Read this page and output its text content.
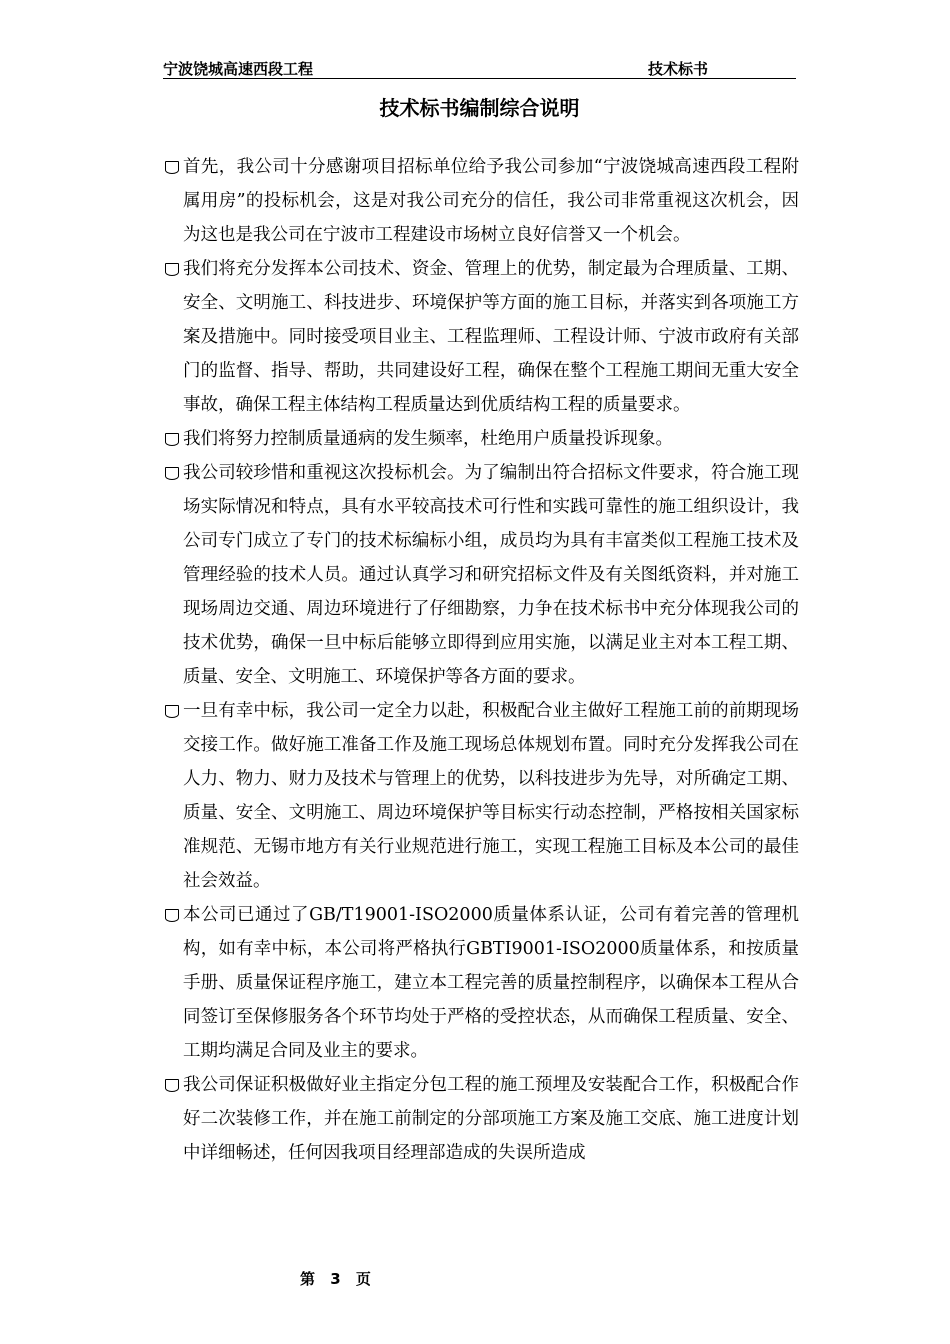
宁波饶城高速西段工程	技术标书
技术标书编制综合说明

首先，我公司十分感谢项目招标单位给予我公司参加“宁波饶城高速西段工程附属用房”的投标机会，这是对我公司充分的信任，我公司非常重视这次机会，因为这也是我公司在宁波市工程建设市场树立良好信誉又一个机会。

我们将充分发挥本公司技术、资金、管理上的优势，制定最为合理质量、工期、安全、文明施工、科技进步、环境保护等方面的施工目标，并落实到各项施工方案及措施中。同时接受项目业主、工程监理师、工程设计师、宁波市政府有关部门的监督、指导、帮助，共同建设好工程，确保在整个工程施工期间无重大安全事故，确保工程主体结构工程质量达到优质结构工程的质量要求。

我们将努力控制质量通病的发生频率，杜绝用户质量投诉现象。

我公司较珍惜和重视这次投标机会。为了编制出符合招标文件要求，符合施工现场实际情况和特点，具有水平较高技术可行性和实践可靠性的施工组织设计，我公司专门成立了专门的技术标编标小组，成员均为具有丰富类似工程施工技术及管理经验的技术人员。通过认真学习和研究招标文件及有关图纸资料，并对施工现场周边交通、周边环境进行了仔细勘察，力争在技术标书中充分体现我公司的技术优势，确保一旦中标后能够立即得到应用实施，以满足业主对本工程工期、质量、安全、文明施工、环境保护等各方面的要求。

一旦有幸中标，我公司一定全力以赴，积极配合业主做好工程施工前的前期现场交接工作。做好施工准备工作及施工现场总体规划布置。同时充分发挥我公司在人力、物力、财力及技术与管理上的优势，以科技进步为先导，对所确定工期、质量、安全、文明施工、周边环境保护等目标实行动态控制，严格按相关国家标准规范、无锡市地方有关行业规范进行施工，实现工程施工目标及本公司的最佳社会效益。

本公司已通过了GB/T19001-ISO2000质量体系认证，公司有着完善的管理机构，如有幸中标，本公司将严格执行GBTI9001-ISO2000质量体系，和按质量手册、质量保证程序施工，建立本工程完善的质量控制程序，以确保本工程从合同签订至保修服务各个环节均处于严格的受控状态，从而确保工程质量、安全、工期均满足合同及业主的要求。

我公司保证积极做好业主指定分包工程的施工预埋及安装配合工作，积极配合作好二次装修工作，并在施工前制定的分部项施工方案及施工交底、施工进度计划中详细畅述，任何因我项目经理部造成的失误所造成

第 3 页
